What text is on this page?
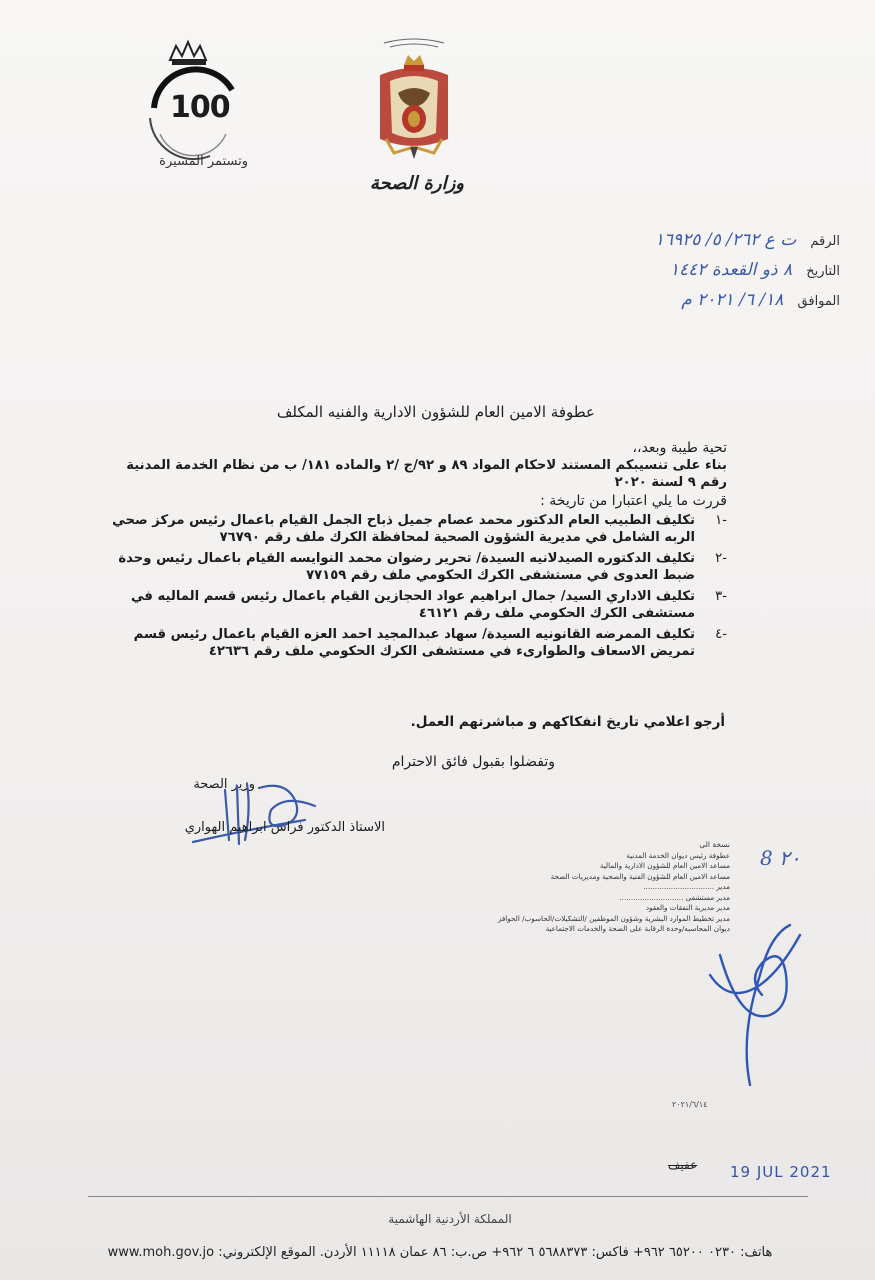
100
وتستمر المسيرة
وزارة الصحة
الرقم ت ع ٢٦٢/ ٥/ ١٦٩٢٥
التاريخ ٨ ذو القعدة ١٤٤٢
الموافق ١٨/ ٦/ ٢٠٢١ م
عطوفة الامين العام للشؤون الادارية والفنيه المكلف
تحية طيبة وبعد،،
بناء على تنسيبكم المستند لاحكام المواد ٨٩ و ٩٢/ج /٢ والماده ١٨١/ ب من نظام الخدمة المدنية رقم ٩ لسنة ٢٠٢٠
قررت ما يلي اعتبارا من تاريخة :
-١
تكليف الطبيب العام الدكتور محمد عصام جميل ذباح الجمل القيام باعمال رئيس مركز صحي الربه الشامل في مديرية الشؤون الصحية لمحافظة الكرك ملف رقم ٧٦٧٩٠
-٢
تكليف الدكتوره الصيدلانيه السيدة/ تحرير رضوان محمد النوايسه القيام باعمال رئيس وحدة ضبط العدوى في مستشفى الكرك الحكومي ملف رقم ٧٧١٥٩
-٣
تكليف الاداري السيد/ جمال ابراهيم عواد الحجازين القيام باعمال رئيس قسم الماليه في مستشفى الكرك الحكومي ملف رقم ٤٦١٢١
-٤
تكليف الممرضه القانونيه السيدة/ سهاد عبدالمجيد احمد العزه القيام باعمال رئيس قسم تمريض الاسعاف والطوارىء في مستشفى الكرك الحكومي ملف رقم ٤٢٦٣٦
أرجو اعلامي تاريخ انفكاكهم و مباشرتهم العمل.
وتفضلوا بقبول فائق الاحترام
وزير الصحة
الاستاذ الدكتور فراس ابراهيم الهواري
نسخة الى
عطوفة رئيس ديوان الخدمة المدنية
مساعد الامين العام للشؤون الادارية والمالية
مساعد الامين العام للشؤون الفنية والصحية ومديريات الصحة
مدير ...............................
مدير مستشفى ............................
مدير مديرية النفقات والعقود
مدير تخطيط الموارد البشرية وشؤون الموظفين /التشكيلات/الحاسوب/ الحوافز
ديوان المحاسبه/وحدة الرقابة على الصحة والخدمات الاجتماعية
8 ٢٠
٢٠٢١/٦/١٤
عفيف 19 JUL 2021
المملكة الأردنية الهاشمية
هاتف: ٠٢٣٠ ٦٥٢٠٠ ٩٦٢+ فاكس: ٥٦٨٨٣٧٣ ٦ ٩٦٢+ ص.ب: ٨٦ عمان ١١١١٨ الأردن. الموقع الإلكتروني: www.moh.gov.jo
